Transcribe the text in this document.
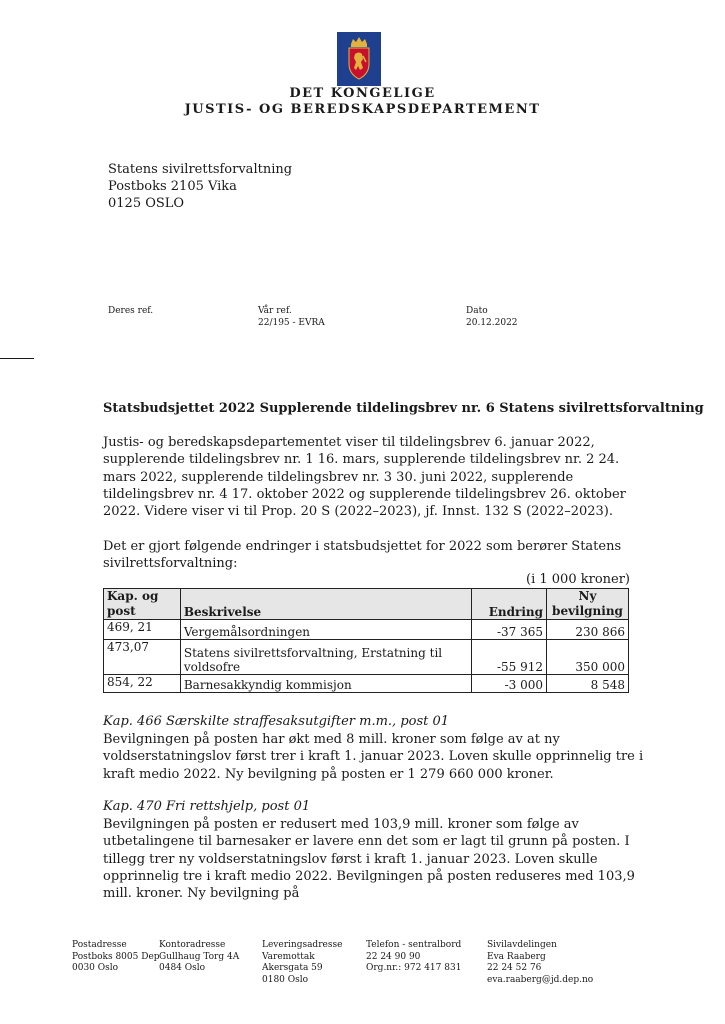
DET KONGELIGE
JUSTIS- OG BEREDSKAPSDEPARTEMENT
Statens sivilrettsforvaltning
Postboks 2105 Vika
0125 OSLO
Deres ref.	Vår ref.
22/195 - EVRA
Dato
20.12.2022
Statsbudsjettet 2022 Supplerende tildelingsbrev nr. 6 Statens sivilrettsforvaltning
Justis- og beredskapsdepartementet viser til tildelingsbrev 6. januar 2022, supplerende tildelingsbrev nr. 1 16. mars, supplerende tildelingsbrev nr. 2 24. mars 2022, supplerende tildelingsbrev nr. 3 30. juni 2022, supplerende tildelingsbrev nr. 4 17. oktober 2022 og supplerende tildelingsbrev 26. oktober 2022. Videre viser vi til Prop. 20 S (2022–2023), jf. Innst. 132 S (2022–2023).
Det er gjort følgende endringer i statsbudsjettet for 2022 som berører Statens sivilrettsforvaltning:
(i 1 000 kroner)
Kap. og post	Beskrivelse	Endring	Ny bevilgning
469, 21	Vergemålsordningen	-37 365	230 866
473,07	Statens sivilrettsforvaltning, Erstatning til voldsofre	-55 912	350 000
854, 22	Barnesakkyndig kommisjon	-3 000	8 548
Kap. 466 Særskilte straffesaksutgifter m.m., post 01
Bevilgningen på posten har økt med 8 mill. kroner som følge av at ny voldserstatningslov først trer i kraft 1. januar 2023. Loven skulle opprinnelig tre i kraft medio 2022. Ny bevilgning på posten er 1 279 660 000 kroner.
Kap. 470 Fri rettshjelp, post 01
Bevilgningen på posten er redusert med 103,9 mill. kroner som følge av utbetalingene til barnesaker er lavere enn det som er lagt til grunn på posten. I tillegg trer ny voldserstatningslov først i kraft 1. januar 2023. Loven skulle opprinnelig tre i kraft medio 2022. Bevilgningen på posten reduseres med 103,9 mill. kroner. Ny bevilgning på
Postadresse
Postboks 8005 Dep
0030 Oslo
Kontoradresse
Gullhaug Torg 4A
0484 Oslo
Leveringsadresse
Varemottak
Akersgata 59
0180 Oslo
Telefon - sentralbord
22 24 90 90
Org.nr.: 972 417 831
Sivilavdelingen
Eva Raaberg
22 24 52 76
eva.raaberg@jd.dep.no
